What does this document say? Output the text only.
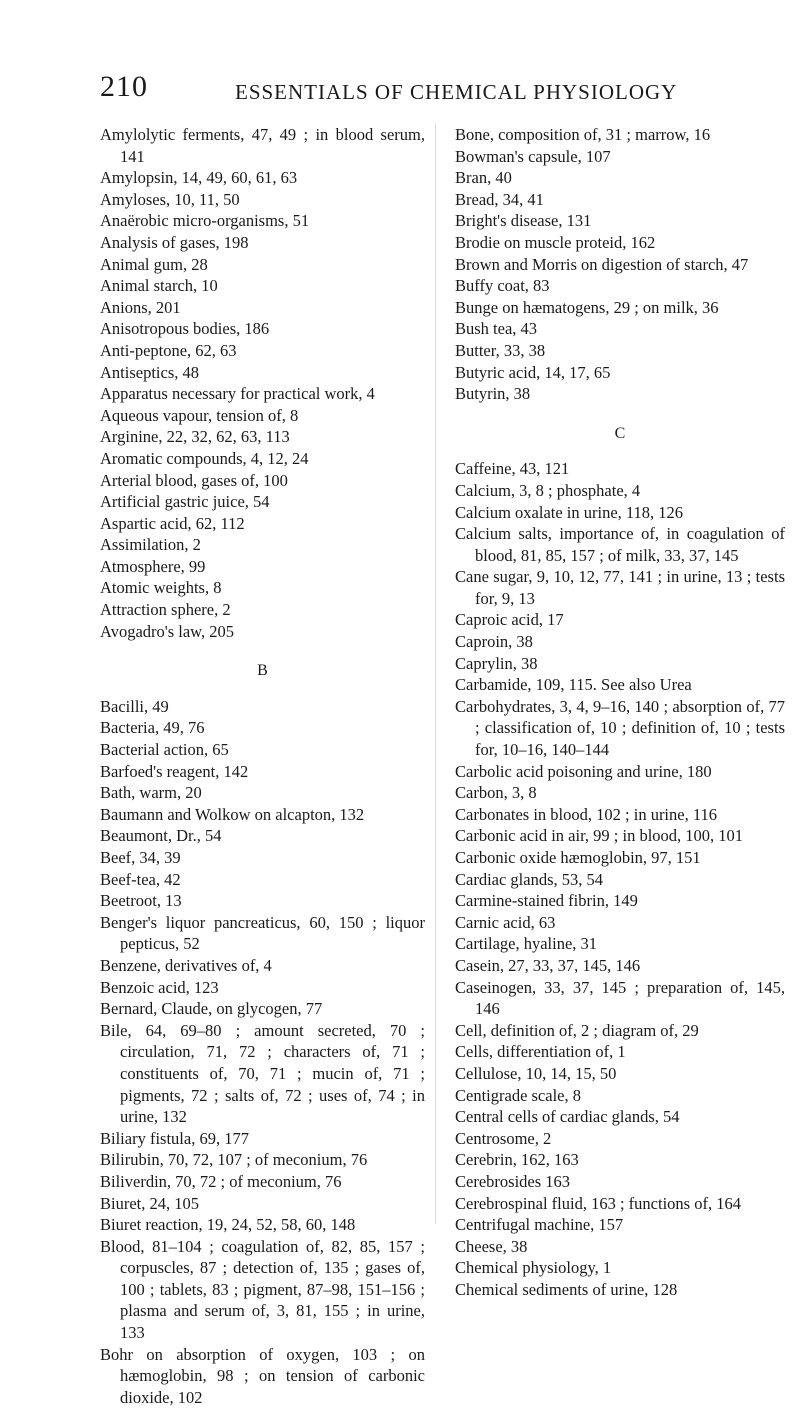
210	ESSENTIALS OF CHEMICAL PHYSIOLOGY
Amylolytic ferments, 47, 49 ; in blood serum, 141
Amylopsin, 14, 49, 60, 61, 63
Amyloses, 10, 11, 50
Anaërobic micro-organisms, 51
Analysis of gases, 198
Animal gum, 28
Animal starch, 10
Anions, 201
Anisotropous bodies, 186
Anti-peptone, 62, 63
Antiseptics, 48
Apparatus necessary for practical work, 4
Aqueous vapour, tension of, 8
Arginine, 22, 32, 62, 63, 113
Aromatic compounds, 4, 12, 24
Arterial blood, gases of, 100
Artificial gastric juice, 54
Aspartic acid, 62, 112
Assimilation, 2
Atmosphere, 99
Atomic weights, 8
Attraction sphere, 2
Avogadro's law, 205
B
Bacilli, 49
Bacteria, 49, 76
Bacterial action, 65
Barfoed's reagent, 142
Bath, warm, 20
Baumann and Wolkow on alcapton, 132
Beaumont, Dr., 54
Beef, 34, 39
Beef-tea, 42
Beetroot, 13
Benger's liquor pancreaticus, 60, 150 ; liquor pepticus, 52
Benzene, derivatives of, 4
Benzoic acid, 123
Bernard, Claude, on glycogen, 77
Bile, 64, 69–80 ; amount secreted, 70 ; circulation, 71, 72 ; characters of, 71 ; constituents of, 70, 71 ; mucin of, 71 ; pigments, 72 ; salts of, 72 ; uses of, 74 ; in urine, 132
Biliary fistula, 69, 177
Bilirubin, 70, 72, 107 ; of meconium, 76
Biliverdin, 70, 72 ; of meconium, 76
Biuret, 24, 105
Biuret reaction, 19, 24, 52, 58, 60, 148
Blood, 81–104 ; coagulation of, 82, 85, 157 ; corpuscles, 87 ; detection of, 135 ; gases of, 100 ; tablets, 83 ; pigment, 87–98, 151–156 ; plasma and serum of, 3, 81, 155 ; in urine, 133
Bohr on absorption of oxygen, 103 ; on hæmoglobin, 98 ; on tension of carbonic dioxide, 102
Bone, composition of, 31 ; marrow, 16
Bowman's capsule, 107
Bran, 40
Bread, 34, 41
Bright's disease, 131
Brodie on muscle proteid, 162
Brown and Morris on digestion of starch, 47
Buffy coat, 83
Bunge on hæmatogens, 29 ; on milk, 36
Bush tea, 43
Butter, 33, 38
Butyric acid, 14, 17, 65
Butyrin, 38
C
Caffeine, 43, 121
Calcium, 3, 8 ; phosphate, 4
Calcium oxalate in urine, 118, 126
Calcium salts, importance of, in coagulation of blood, 81, 85, 157 ; of milk, 33, 37, 145
Cane sugar, 9, 10, 12, 77, 141 ; in urine, 13 ; tests for, 9, 13
Caproic acid, 17
Caproin, 38
Caprylin, 38
Carbamide, 109, 115. See also Urea
Carbohydrates, 3, 4, 9–16, 140 ; absorption of, 77 ; classification of, 10 ; definition of, 10 ; tests for, 10–16, 140–144
Carbolic acid poisoning and urine, 180
Carbon, 3, 8
Carbonates in blood, 102 ; in urine, 116
Carbonic acid in air, 99 ; in blood, 100, 101
Carbonic oxide hæmoglobin, 97, 151
Cardiac glands, 53, 54
Carmine-stained fibrin, 149
Carnic acid, 63
Cartilage, hyaline, 31
Casein, 27, 33, 37, 145, 146
Caseinogen, 33, 37, 145 ; preparation of, 145, 146
Cell, definition of, 2 ; diagram of, 29
Cells, differentiation of, 1
Cellulose, 10, 14, 15, 50
Centigrade scale, 8
Central cells of cardiac glands, 54
Centrosome, 2
Cerebrin, 162, 163
Cerebrosides 163
Cerebrospinal fluid, 163 ; functions of, 164
Centrifugal machine, 157
Cheese, 38
Chemical physiology, 1
Chemical sediments of urine, 128
